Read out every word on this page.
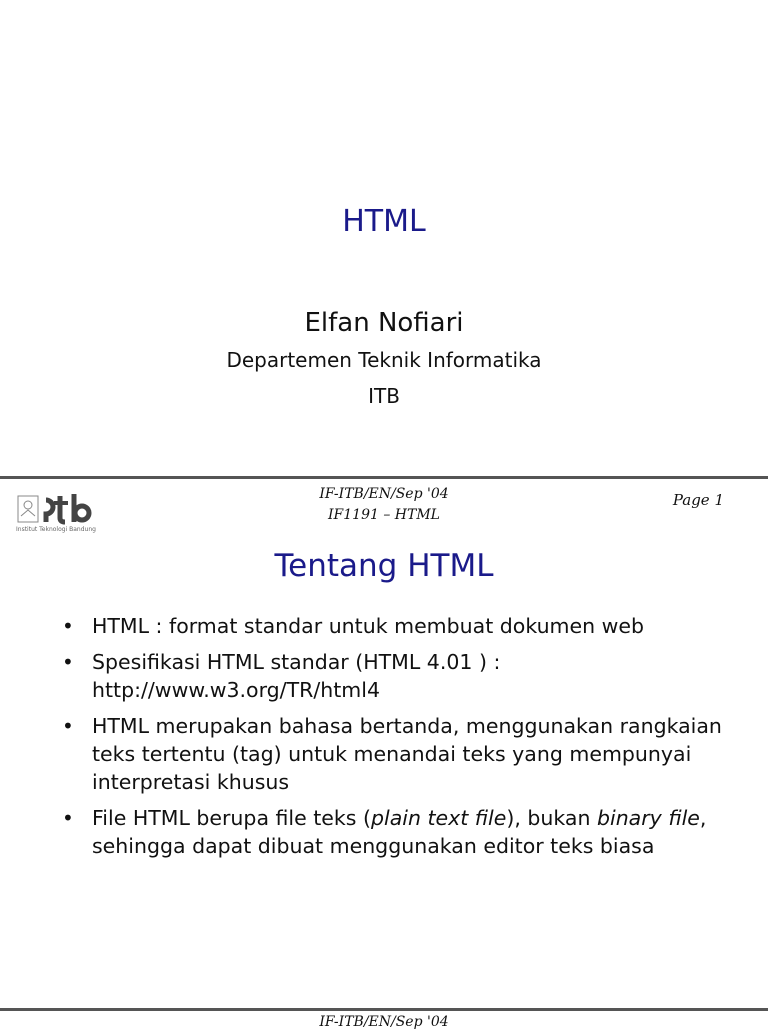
HTML
Elfan Nofiari
Departemen Teknik Informatika
ITB
Institut Teknologi Bandung
IF-ITB/EN/Sep '04
IF1191 – HTML
Page 1
Tentang HTML
• HTML : format standar untuk membuat dokumen web
• Spesifikasi HTML standar (HTML 4.01 ) :
http://www.w3.org/TR/html4
• HTML merupakan bahasa bertanda, menggunakan rangkaian teks tertentu (tag) untuk menandai teks yang mempunyai interpretasi khusus
• File HTML berupa file teks (plain text file), bukan binary file, sehingga dapat dibuat menggunakan editor teks biasa
IF-ITB/EN/Sep '04
